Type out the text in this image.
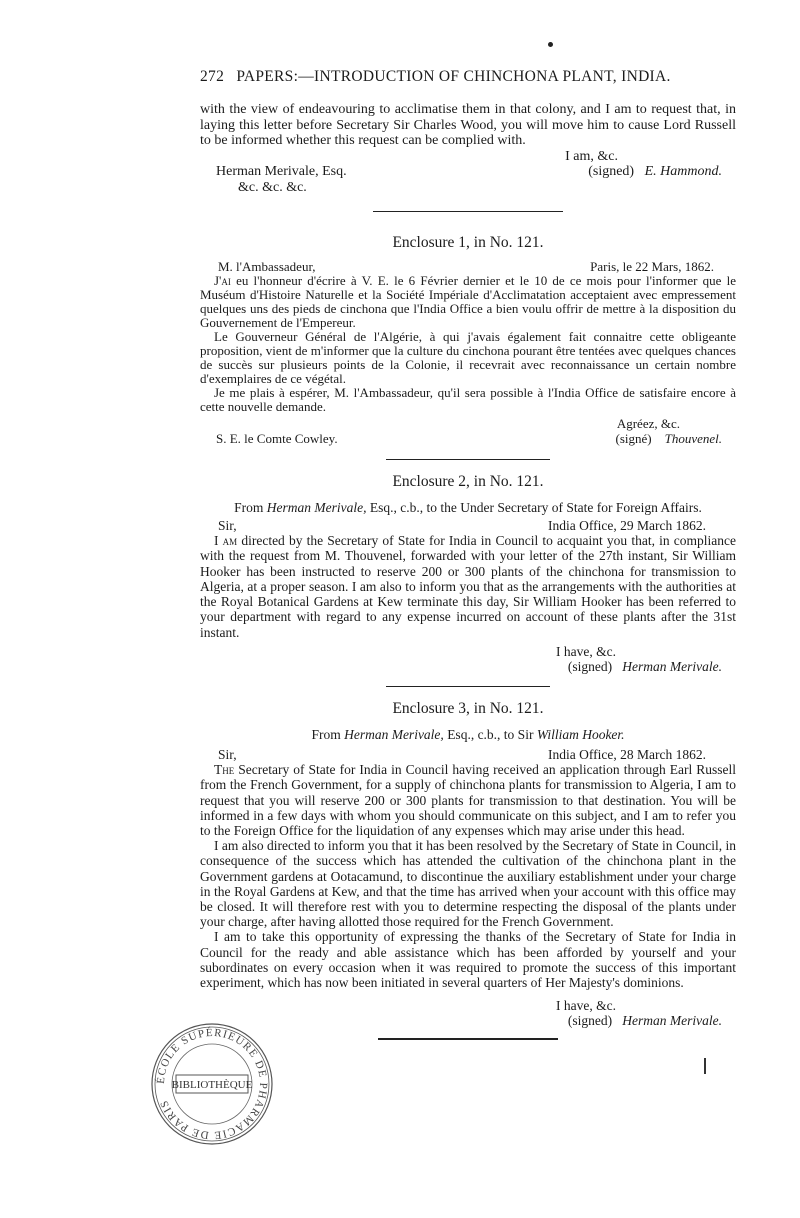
272 PAPERS:—INTRODUCTION OF CHINCHONA PLANT, INDIA.

with the view of endeavouring to acclimatise them in that colony, and I am to request that, in laying this letter before Secretary Sir Charles Wood, you will move him to cause Lord Russell to be informed whether this request can be complied with.

I am, &c.
Herman Merivale, Esq.	(signed) E. Hammond.
&c. &c. &c.

Enclosure 1, in No. 121.

M. l'Ambassadeur,	Paris, le 22 Mars, 1862.

J'ai eu l'honneur d'écrire à V. E. le 6 Février dernier et le 10 de ce mois pour l'informer que le Muséum d'Histoire Naturelle et la Société Impériale d'Acclimatation acceptaient avec empressement quelques uns des pieds de cinchona que l'India Office a bien voulu offrir de mettre à la disposition du Gouvernement de l'Empereur.

Le Gouverneur Général de l'Algérie, à qui j'avais également fait connaitre cette obligeante proposition, vient de m'informer que la culture du cinchona pourant être tentées avec quelques chances de succès sur plusieurs points de la Colonie, il recevrait avec reconnaissance un certain nombre d'exemplaires de ce végétal.

Je me plais à espérer, M. l'Ambassadeur, qu'il sera possible à l'India Office de satisfaire encore à cette nouvelle demande.

Agréez, &c.
S. E. le Comte Cowley.	(signé) Thouvenel.

Enclosure 2, in No. 121.

From Herman Merivale, Esq., c.b., to the Under Secretary of State for Foreign Affairs.

Sir,	India Office, 29 March 1862.

I am directed by the Secretary of State for India in Council to acquaint you that, in compliance with the request from M. Thouvenel, forwarded with your letter of the 27th instant, Sir William Hooker has been instructed to reserve 200 or 300 plants of the chinchona for transmission to Algeria, at a proper season. I am also to inform you that as the arrangements with the authorities at the Royal Botanical Gardens at Kew terminate this day, Sir William Hooker has been referred to your department with regard to any expense incurred on account of these plants after the 31st instant.

I have, &c.
(signed) Herman Merivale.

Enclosure 3, in No. 121.

From Herman Merivale, Esq., c.b., to Sir William Hooker.

Sir,	India Office, 28 March 1862.

The Secretary of State for India in Council having received an application through Earl Russell from the French Government, for a supply of chinchona plants for transmission to Algeria, I am to request that you will reserve 200 or 300 plants for transmission to that destination. You will be informed in a few days with whom you should communicate on this subject, and I am to refer you to the Foreign Office for the liquidation of any expenses which may arise under this head.

I am also directed to inform you that it has been resolved by the Secretary of State in Council, in consequence of the success which has attended the cultivation of the chinchona plant in the Government gardens at Ootacamund, to discontinue the auxiliary establishment under your charge in the Royal Gardens at Kew, and that the time has arrived when your account with this office may be closed. It will therefore rest with you to determine respecting the disposal of the plants under your charge, after having allotted those required for the French Government.

I am to take this opportunity of expressing the thanks of the Secretary of State for India in Council for the ready and able assistance which has been afforded by yourself and your subordinates on every occasion when it was required to promote the success of this important experiment, which has now been initiated in several quarters of Her Majesty's dominions.

I have, &c.
(signed) Herman Merivale.
ÉCOLE SUPÉRIEURE DE PHARMACIE DE PARIS
BIBLIOTHÈQUE
